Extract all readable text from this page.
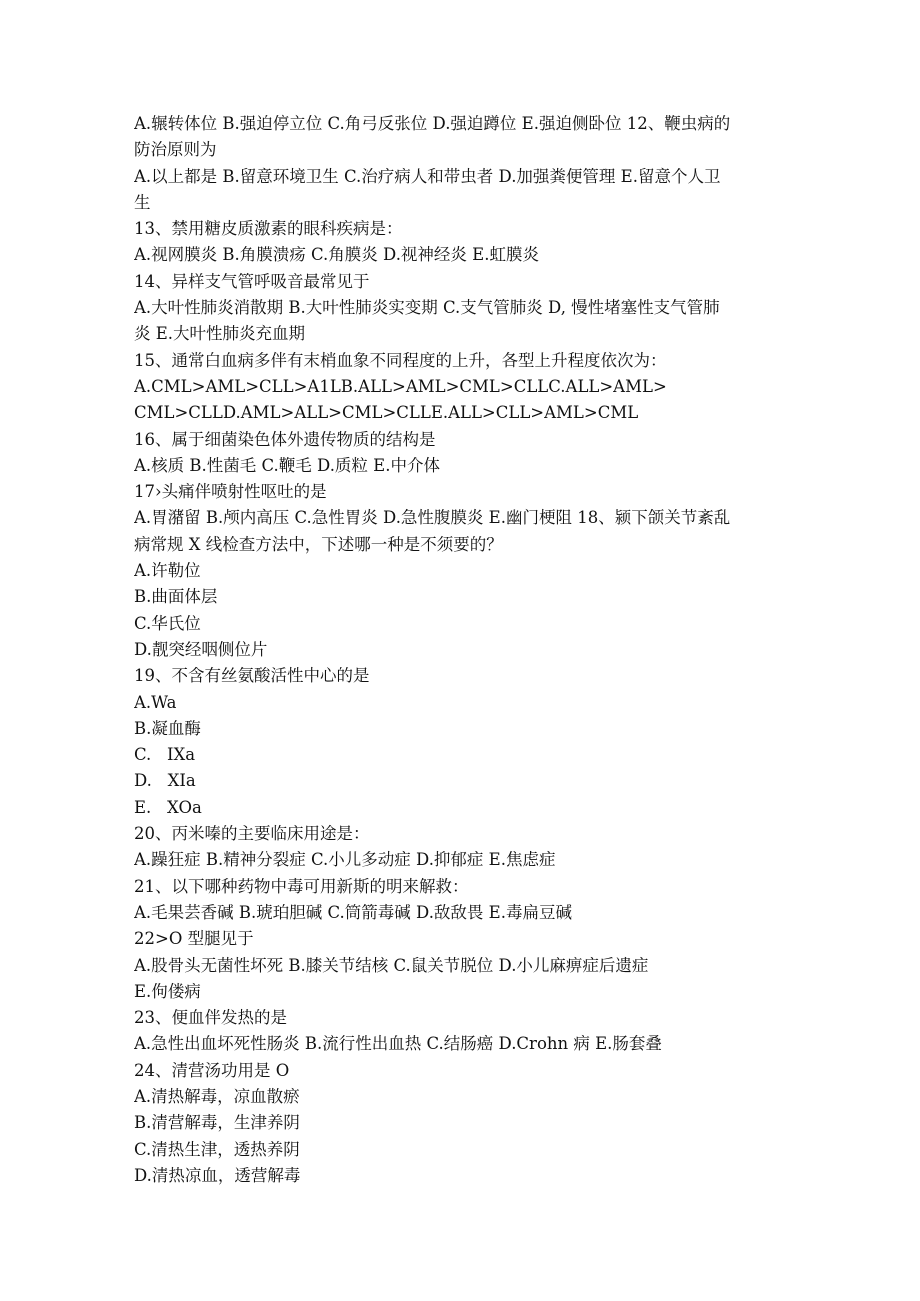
A.辗转体位 B.强迫停立位 C.角弓反张位 D.强迫蹲位 E.强迫侧卧位 12、鞭虫病的
防治原则为
A.以上都是 B.留意环境卫生 C.治疗病人和带虫者 D.加强粪便管理 E.留意个人卫
生
13、禁用糖皮质激素的眼科疾病是：
A.视网膜炎 B.角膜溃疡 C.角膜炎 D.视神经炎 E.虹膜炎
14、异样支气管呼吸音最常见于
A.大叶性肺炎消散期 B.大叶性肺炎实变期 C.支气管肺炎 D, 慢性堵塞性支气管肺
炎 E.大叶性肺炎充血期
15、通常白血病多伴有末梢血象不同程度的上升，各型上升程度依次为：
A.CML>AML>CLL>A1LB.ALL>AML>CML>CLLC.ALL>AML>
CML>CLLD.AML>ALL>CML>CLLE.ALL>CLL>AML>CML
16、属于细菌染色体外遗传物质的结构是
A.核质 B.性菌毛 C.鞭毛 D.质粒 E.中介体
17›头痛伴喷射性呕吐的是
A.胃潴留 B.颅内高压 C.急性胃炎 D.急性腹膜炎 E.幽门梗阻 18、颍下颌关节紊乱
病常规 X 线检查方法中，下述哪一种是不须要的？
A.许勒位
B.曲面体层
C.华氏位
D.靓突经咽侧位片
19、不含有丝氨酸活性中心的是
A.Wa
B.凝血酶
C.   IXa
D.   XIa
E.   XOa
20、丙米嗪的主要临床用途是：
A.躁狂症 B.精神分裂症 C.小儿多动症 D.抑郁症 E.焦虑症
21、以下哪种药物中毒可用新斯的明来解救：
A.毛果芸香碱 B.琥珀胆碱 C.筒箭毒碱 D.敌敌畏 E.毒扁豆碱
22>O 型腿见于
A.股骨头无菌性坏死 B.膝关节结核 C.鼠关节脱位 D.小儿麻痹症后遗症
E.佝偻病
23、便血伴发热的是
A.急性出血坏死性肠炎 B.流行性出血热 C.结肠癌 D.Crohn 病 E.肠套叠
24、清营汤功用是 O
A.清热解毒，凉血散瘀
B.清营解毒，生津养阴
C.清热生津，透热养阴
D.清热凉血，透营解毒
